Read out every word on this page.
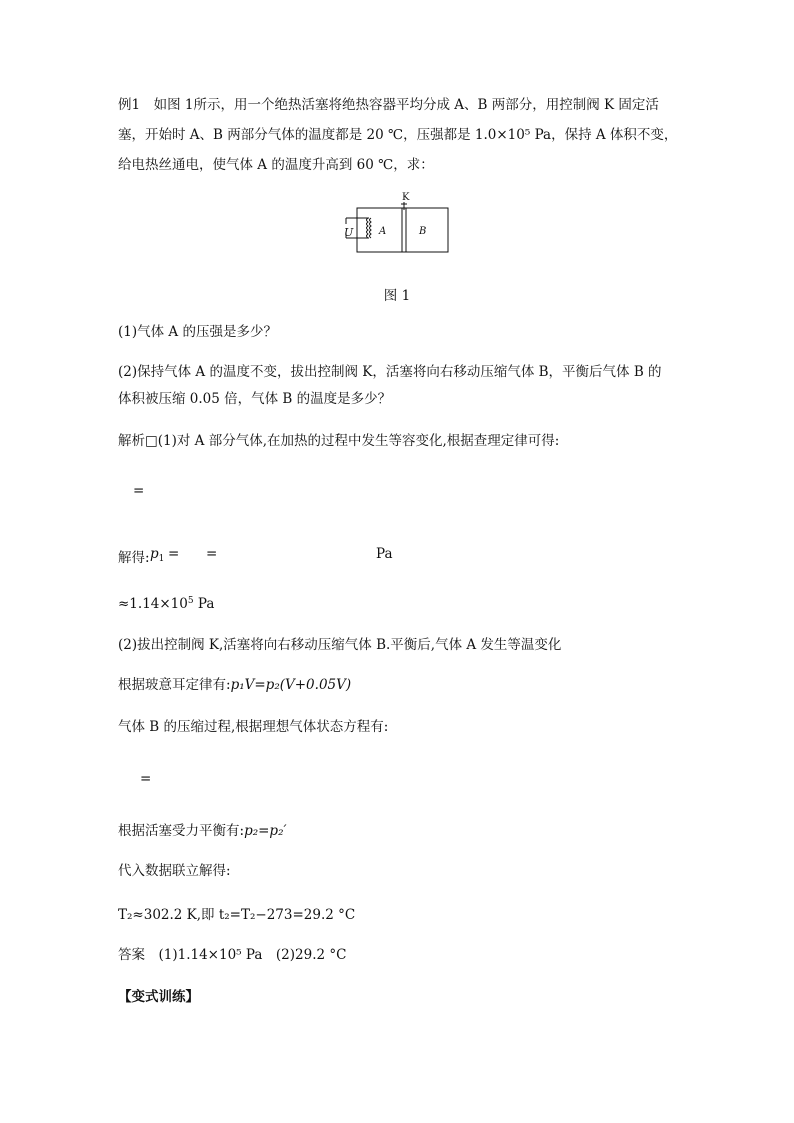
例1　如图 1所示，用一个绝热活塞将绝热容器平均分成 A、B 两部分，用控制阀 K 固定活
塞，开始时 A、B 两部分气体的温度都是 20 ℃，压强都是 1.0×10⁵ Pa，保持 A 体积不变，
给电热丝通电，使气体 A 的温度升高到 60 ℃，求：
K
U	A	B
图 1
(1)气体 A 的压强是多少？
(2)保持气体 A 的温度不变，拔出控制阀 K，活塞将向右移动压缩气体 B，平衡后气体 B 的
体积被压缩 0.05 倍，气体 B 的温度是多少？
解析□(1)对 A 部分气体,在加热的过程中发生等容变化,根据查理定律可得:
=
解得: $p_1$ = =	Pa
$\approx 1.14\times 10^5$ Pa
(2)拔出控制阀 K,活塞将向右移动压缩气体 B.平衡后,气体 A 发生等温变化
根据玻意耳定律有:p₁V=p₂(V+0.05V)
气体 B 的压缩过程,根据理想气体状态方程有:
=
根据活塞受力平衡有:p₂=p₂′
代入数据联立解得:
T₂≈302.2 K,即 t₂=T₂−273=29.2 °C
答案　 (1)1.14×10⁵ Pa　(2)29.2 °C
【变式训练】
